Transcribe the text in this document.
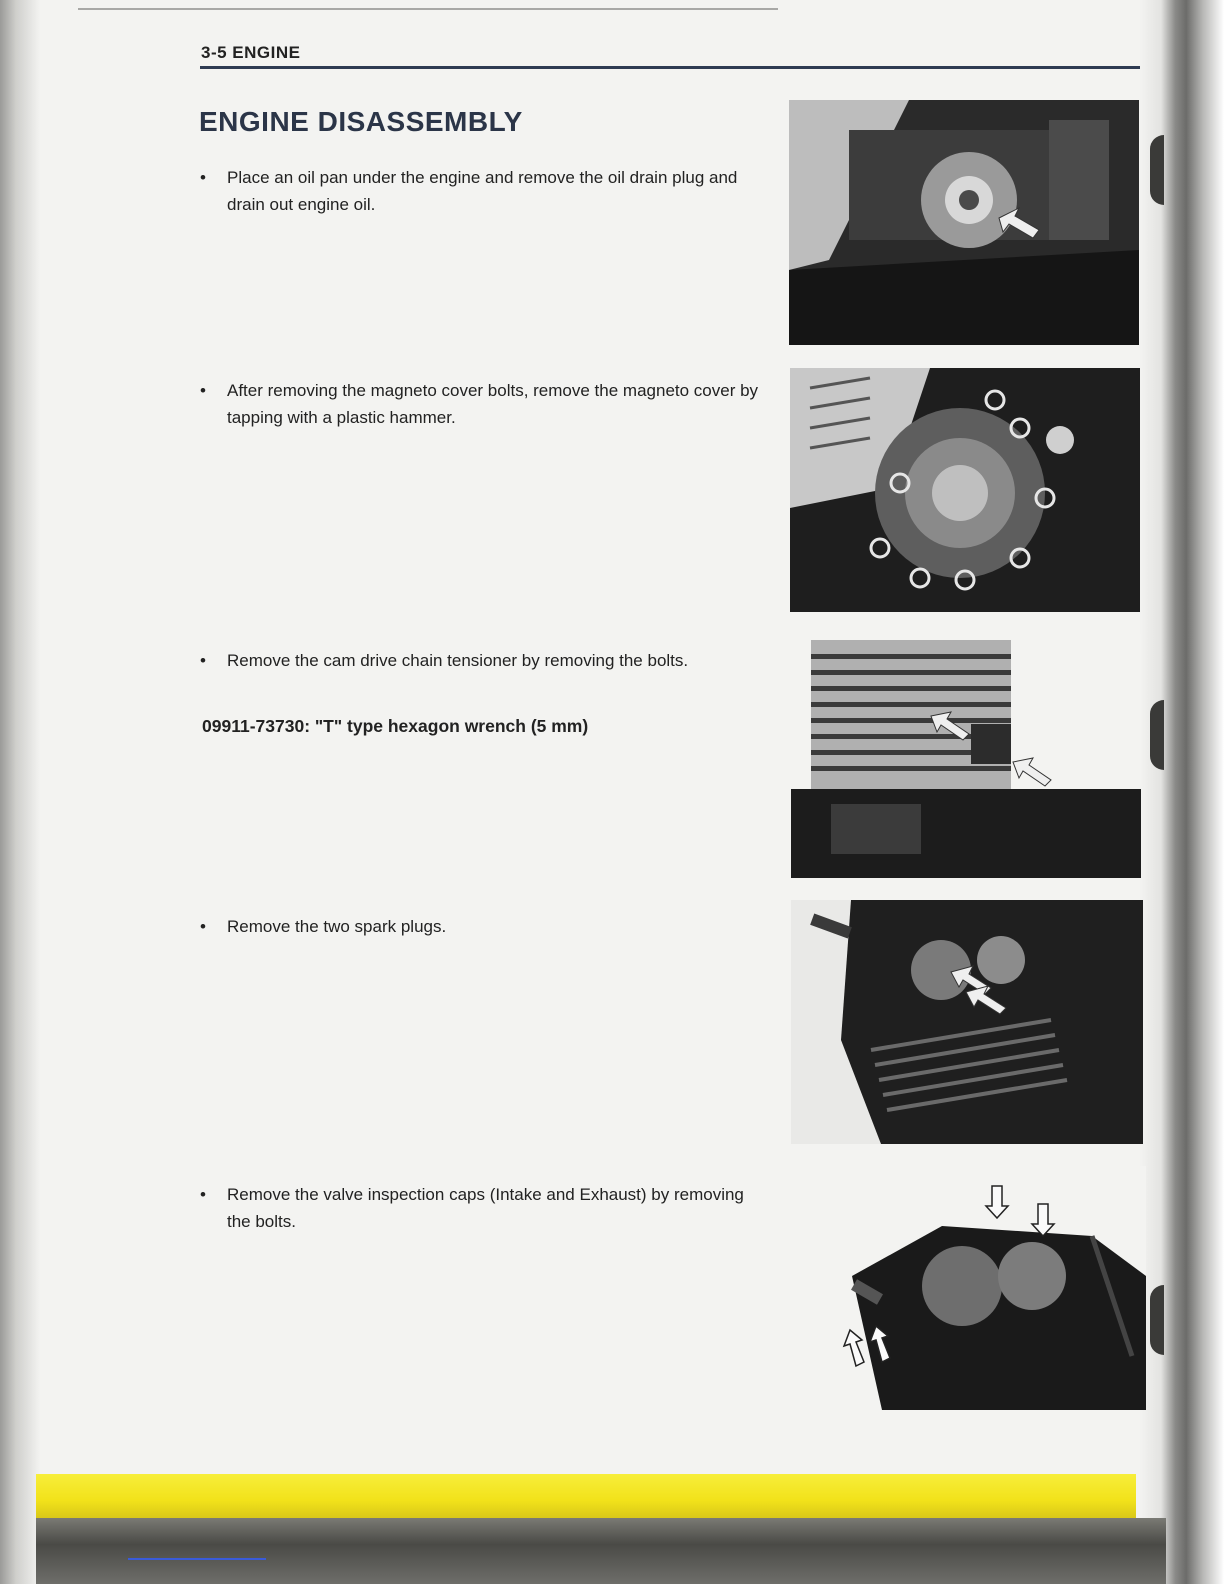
3-5 ENGINE
ENGINE DISASSEMBLY
•	Place an oil pan under the engine and remove the oil drain plug and drain out engine oil.
•	After removing the magneto cover bolts, remove the magneto cover by tapping with a plastic hammer.
•	Remove the cam drive chain tensioner by removing the bolts.
09911-73730: "T" type hexagon wrench (5 mm)
•	Remove the two spark plugs.
•	Remove the valve inspection caps (Intake and Exhaust) by removing the bolts.
